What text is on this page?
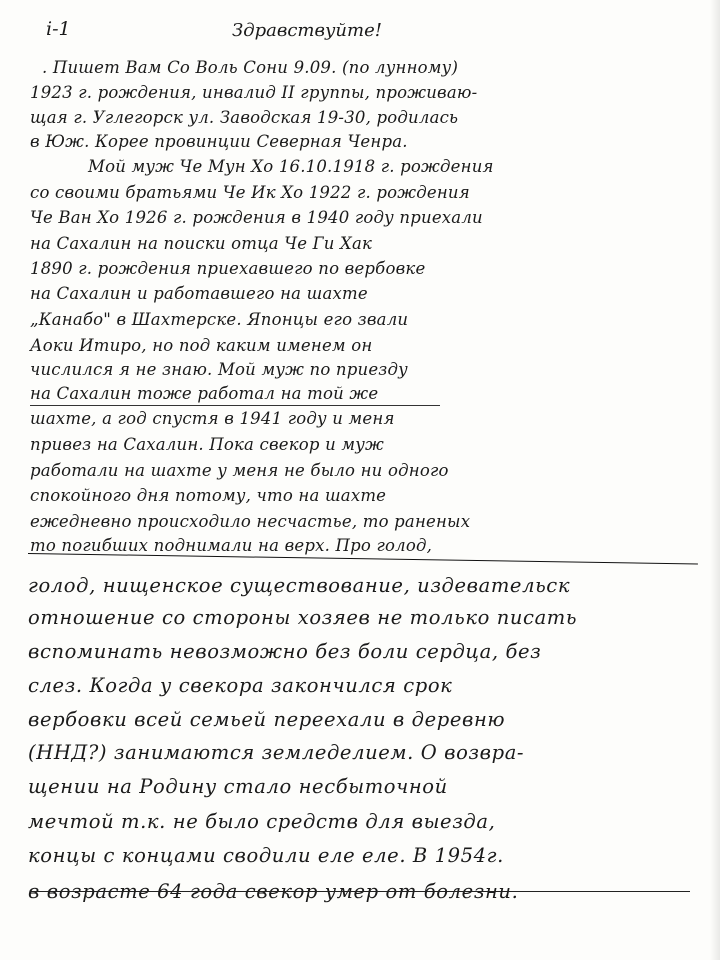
i-1	Здравствуйте!
. Пишет Вам Со Воль Сони 9.09. (по лунному)
1923 г. рождения, инвалид II группы, проживаю-
щая г. Углегорск ул. Заводская 19-30, родилась
в Юж. Корее провинции Северная Ченра.
Мой муж Че Мун Хо 16.10.1918 г. рождения
со своими братьями Че Ик Хо 1922 г. рождения
Че Ван Хо 1926 г. рождения в 1940 году приехали
на Сахалин на поиски отца Че Ги Хак
1890 г. рождения приехавшего по вербовке
на Сахалин и работавшего на шахте
„Канабо" в Шахтерске. Японцы его звали
Аоки Итиро, но под каким именем он
числился я не знаю. Мой муж по приезду
на Сахалин тоже работал на той же
шахте, а год спустя в 1941 году и меня
привез на Сахалин. Пока свекор и муж
работали на шахте у меня не было ни одного
спокойного дня потому, что на шахте
ежедневно происходило несчастье, то раненых
то погибших поднимали на верх. Про голод,
голод, нищенское существование, издевательск
отношение со стороны хозяев не только писать
вспоминать невозможно без боли сердца, без
слез. Когда у свекора закончился срок
вербовки всей семьей переехали в деревню
(ННД?) занимаются земледелием. О возвра-
щении на Родину стало несбыточной
мечтой т.к. не было средств для выезда,
концы с концами сводили еле еле. В 1954г.
в возрасте 64 года свекор умер от болезни.
